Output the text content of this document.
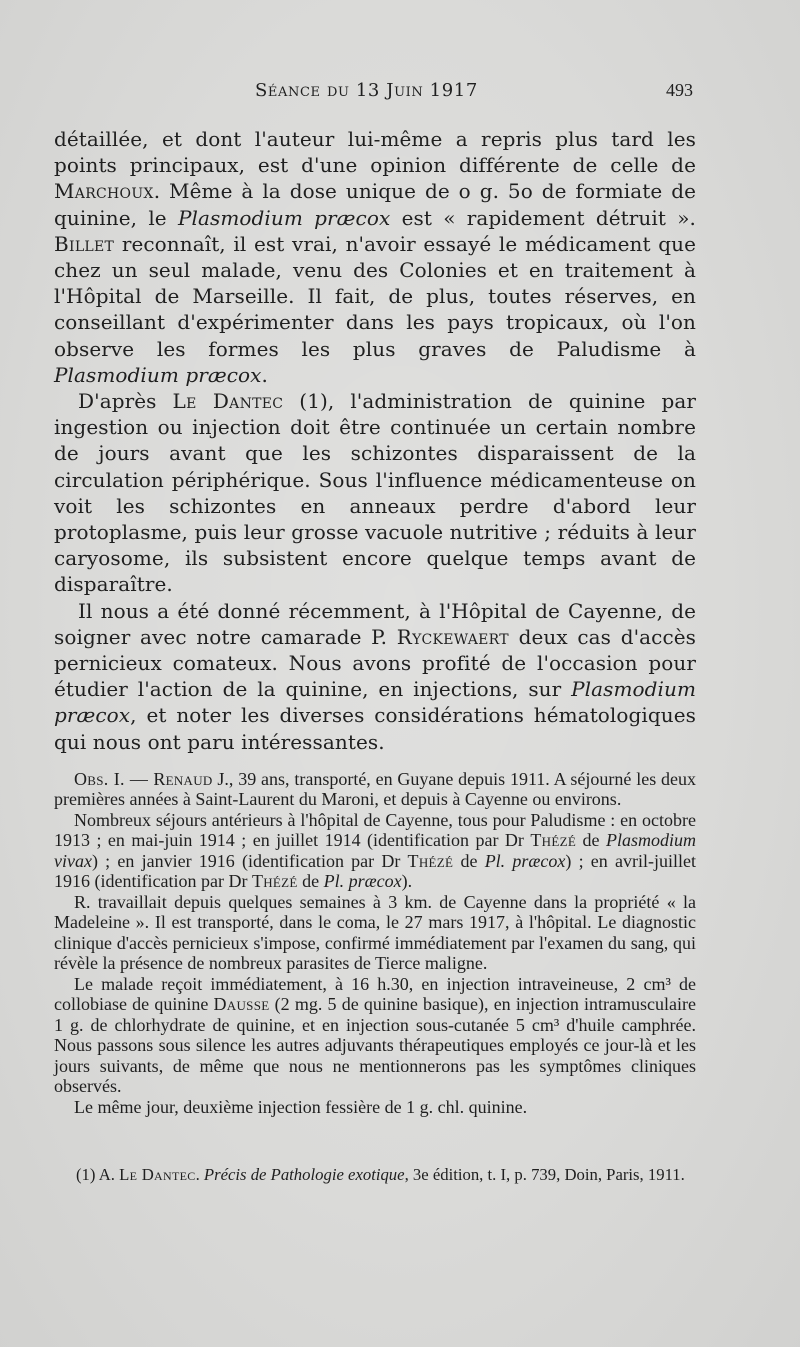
Séance du 13 Juin 1917	493

détaillée, et dont l'auteur lui-même a repris plus tard les points principaux, est d'une opinion différente de celle de Marchoux. Même à la dose unique de o g. 5o de formiate de quinine, le Plasmodium præcox est « rapidement détruit ». Billet reconnaît, il est vrai, n'avoir essayé le médicament que chez un seul malade, venu des Colonies et en traitement à l'Hôpital de Marseille. Il fait, de plus, toutes réserves, en conseillant d'expérimenter dans les pays tropicaux, où l'on observe les formes les plus graves de Paludisme à Plasmodium præcox.

D'après Le Dantec (1), l'administration de quinine par ingestion ou injection doit être continuée un certain nombre de jours avant que les schizontes disparaissent de la circulation périphérique. Sous l'influence médicamenteuse on voit les schizontes en anneaux perdre d'abord leur protoplasme, puis leur grosse vacuole nutritive ; réduits à leur caryosome, ils subsistent encore quelque temps avant de disparaître.

Il nous a été donné récemment, à l'Hôpital de Cayenne, de soigner avec notre camarade P. Ryckewaert deux cas d'accès pernicieux comateux. Nous avons profité de l'occasion pour étudier l'action de la quinine, en injections, sur Plasmodium præcox, et noter les diverses considérations hématologiques qui nous ont paru intéressantes.

Obs. I. — Renaud J., 39 ans, transporté, en Guyane depuis 1911. A séjourné les deux premières années à Saint-Laurent du Maroni, et depuis à Cayenne ou environs.

Nombreux séjours antérieurs à l'hôpital de Cayenne, tous pour Paludisme : en octobre 1913 ; en mai-juin 1914 ; en juillet 1914 (identification par Dr Thézé de Plasmodium vivax) ; en janvier 1916 (identification par Dr Thézé de Pl. præcox) ; en avril-juillet 1916 (identification par Dr Thézé de Pl. præcox).

R. travaillait depuis quelques semaines à 3 km. de Cayenne dans la propriété « la Madeleine ». Il est transporté, dans le coma, le 27 mars 1917, à l'hôpital. Le diagnostic clinique d'accès pernicieux s'impose, confirmé immédiatement par l'examen du sang, qui révèle la présence de nombreux parasites de Tierce maligne.

Le malade reçoit immédiatement, à 16 h.30, en injection intraveineuse, 2 cm³ de collobiase de quinine Dausse (2 mg. 5 de quinine basique), en injection intramusculaire 1 g. de chlorhydrate de quinine, et en injection sous-cutanée 5 cm³ d'huile camphrée. Nous passons sous silence les autres adjuvants thérapeutiques employés ce jour-là et les jours suivants, de même que nous ne mentionnerons pas les symptômes cliniques observés.

Le même jour, deuxième injection fessière de 1 g. chl. quinine.

(1) A. Le Dantec. Précis de Pathologie exotique, 3e édition, t. I, p. 739, Doin, Paris, 1911.
